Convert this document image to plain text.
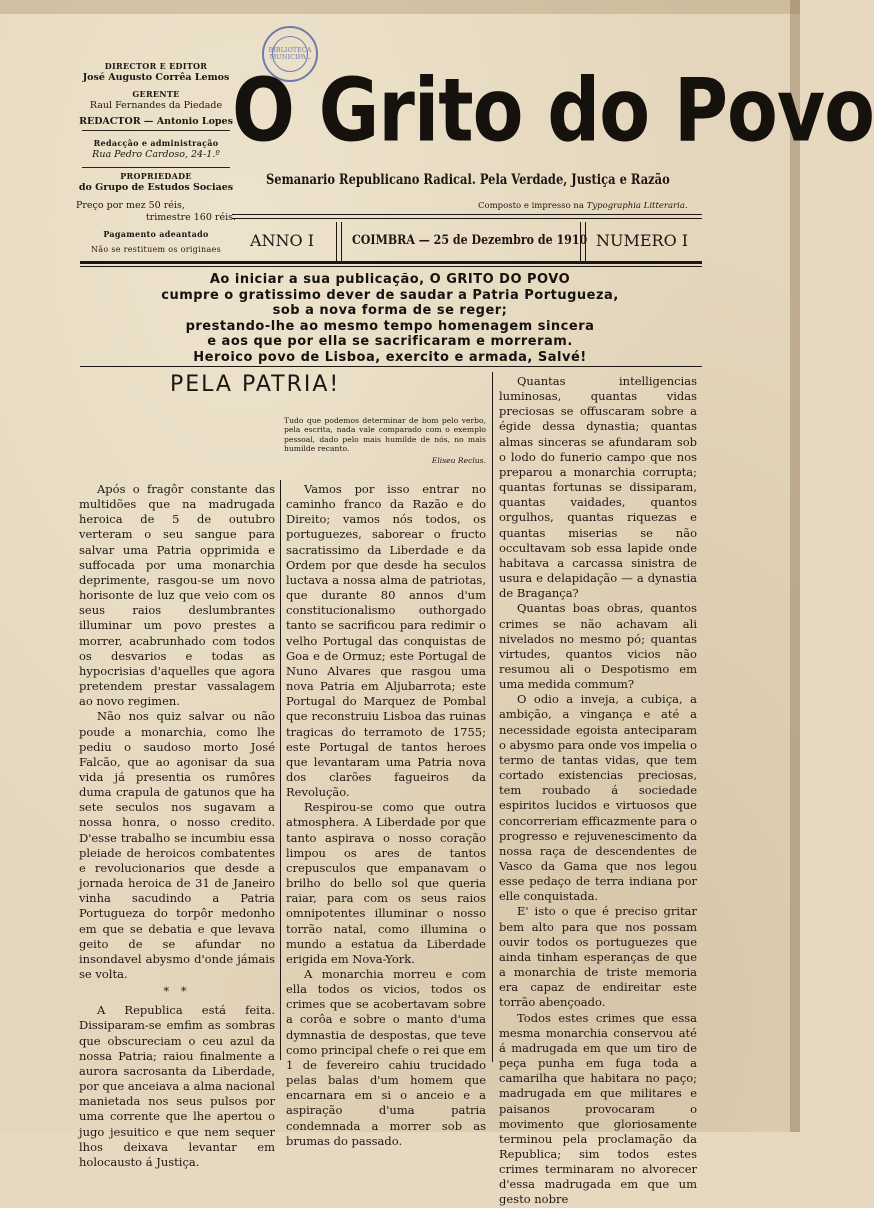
DIRECTOR E EDITOR
José Augusto Corrêa Lemos
GERENTE
Raul Fernandes da Piedade
REDACTOR — Antonio Lopes
Redacção e administração
Rua Pedro Cardoso, 24-1.º
PROPRIEDADE
do Grupo de Estudos Sociaes
Preço por mez 50 réis,
trimestre 160 réis.
Pagamento adeantado
Não se restituem os originaes
BIBLIOTECA MUNICIPAL
O Grito do Povo
Semanario Republicano Radical. Pela Verdade, Justiça e Razão
Composto e impresso na Typographia Litteraria.
ANNO I	COIMBRA — 25 de Dezembro de 1910 NUMERO I
Ao iniciar a sua publicação, O GRITO DO POVO
cumpre o gratissimo dever de saudar a Patria Portugueza,
sob a nova forma de se reger;
prestando-lhe ao mesmo tempo homenagem sincera
e aos que por ella se sacrificaram e morreram.
Heroico povo de Lisboa, exercito e armada, Salvé!
PELA PATRIA!
Tudo que podemos determinar de bom pelo verbo, pela escrita, nada vale comparado com o exemplo pessoal, dado pelo mais humilde de nós, no mais humilde recanto.
Eliseu Reclus.

Após o fragôr constante das multidões que na madrugada heroica de 5 de outubro verteram o seu sangue para salvar uma Patria opprimida e suffocada por uma monarchia deprimente, rasgou-se um novo horisonte de luz que veio com os seus raios deslumbrantes illuminar um povo prestes a morrer, acabrunhado com todos os desvarios e todas as hypocrisias d'aquelles que agora pretendem prestar vassalagem ao novo regimen.

Não nos quiz salvar ou não poude a monarchia, como lhe pediu o saudoso morto José Falcão, que ao agonisar da sua vida já presentia os rumôres duma crapula de gatunos que ha sete seculos nos sugavam a nossa honra, o nosso credito. D'esse trabalho se incumbiu essa pleiade de heroicos combatentes e revolucionarios que desde a jornada heroica de 31 de Janeiro vinha sacudindo a Patria Portugueza do torpôr medonho em que se debatia e que levava geito de se afundar no insondavel abysmo d'onde jámais se volta.

* *

A Republica está feita. Dissiparam-se emfim as sombras que obscureciam o ceu azul da nossa Patria; raiou finalmente a aurora sacrosanta da Liberdade, por que anceiava a alma nacional manietada nos seus pulsos por uma corrente que lhe apertou o jugo jesuitico e que nem sequer lhos deixava levantar em holocausto á Justiça.

Vamos por isso entrar no caminho franco da Razão e do Direito; vamos nós todos, os portuguezes, saborear o fructo sacratissimo da Liberdade e da Ordem por que desde ha seculos luctava a nossa alma de patriotas, que durante 80 annos d'um constitucionalismo outhorgado tanto se sacrificou para redimir o velho Portugal das conquistas de Goa e de Ormuz; este Portugal de Nuno Alvares que rasgou uma nova Patria em Aljubarrota; este Portugal do Marquez de Pombal que reconstruiu Lisboa das ruinas tragicas do terramoto de 1755; este Portugal de tantos heroes que levantaram uma Patria nova dos clarões fagueiros da Revolução.

Respirou-se como que outra atmosphera. A Liberdade por que tanto aspirava o nosso coração limpou os ares de tantos crepusculos que empanavam o brilho do bello sol que queria raiar, para com os seus raios omnipotentes illuminar o nosso torrão natal, como illumina o mundo a estatua da Liberdade erigida em Nova-York.

A monarchia morreu e com ella todos os vicios, todos os crimes que se acobertavam sobre a corôa e sobre o manto d'uma dymnastia de despostas, que teve como principal chefe o rei que em 1 de fevereiro cahiu trucidado pelas balas d'um homem que encarnara em si o anceio e a aspiração d'uma patria condemnada a morrer sob as brumas do passado.

Quantas intelligencias luminosas, quantas vidas preciosas se offuscaram sobre a égide dessa dynastia; quantas almas sinceras se afundaram sob o lodo do funerio campo que nos preparou a monarchia corrupta; quantas fortunas se dissiparam, quantas vaidades, quantos orgulhos, quantas riquezas e quantas miserias se não occultavam sob essa lapide onde habitava a carcassa sinistra de usura e delapidação — a dynastia de Bragança?

Quantas boas obras, quantos crimes se não achavam ali nivelados no mesmo pó; quantas virtudes, quantos vicios não resumou ali o Despotismo em uma medida commum?

O odio a inveja, a cubiça, a ambição, a vingança e até a necessidade egoista anteciparam o abysmo para onde vos impelia o termo de tantas vidas, que tem cortado existencias preciosas, tem roubado á sociedade espiritos lucidos e virtuosos que concorreriam efficazmente para o progresso e rejuvenescimento da nossa raça de descendentes de Vasco da Gama que nos legou esse pedaço de terra indiana por elle conquistada.

E' isto o que é preciso gritar bem alto para que nos possam ouvir todos os portuguezes que ainda tinham esperanças de que a monarchia de triste memoria era capaz de endireitar este torrão abençoado.

Todos estes crimes que essa mesma monarchia conservou até á madrugada em que um tiro de peça punha em fuga toda a camarilha que habitara no paço; madrugada em que militares e paisanos provocaram o movimento que gloriosamente terminou pela proclamação da Republica; sim todos estes crimes terminaram no alvorecer d'essa madrugada em que um gesto nobre
